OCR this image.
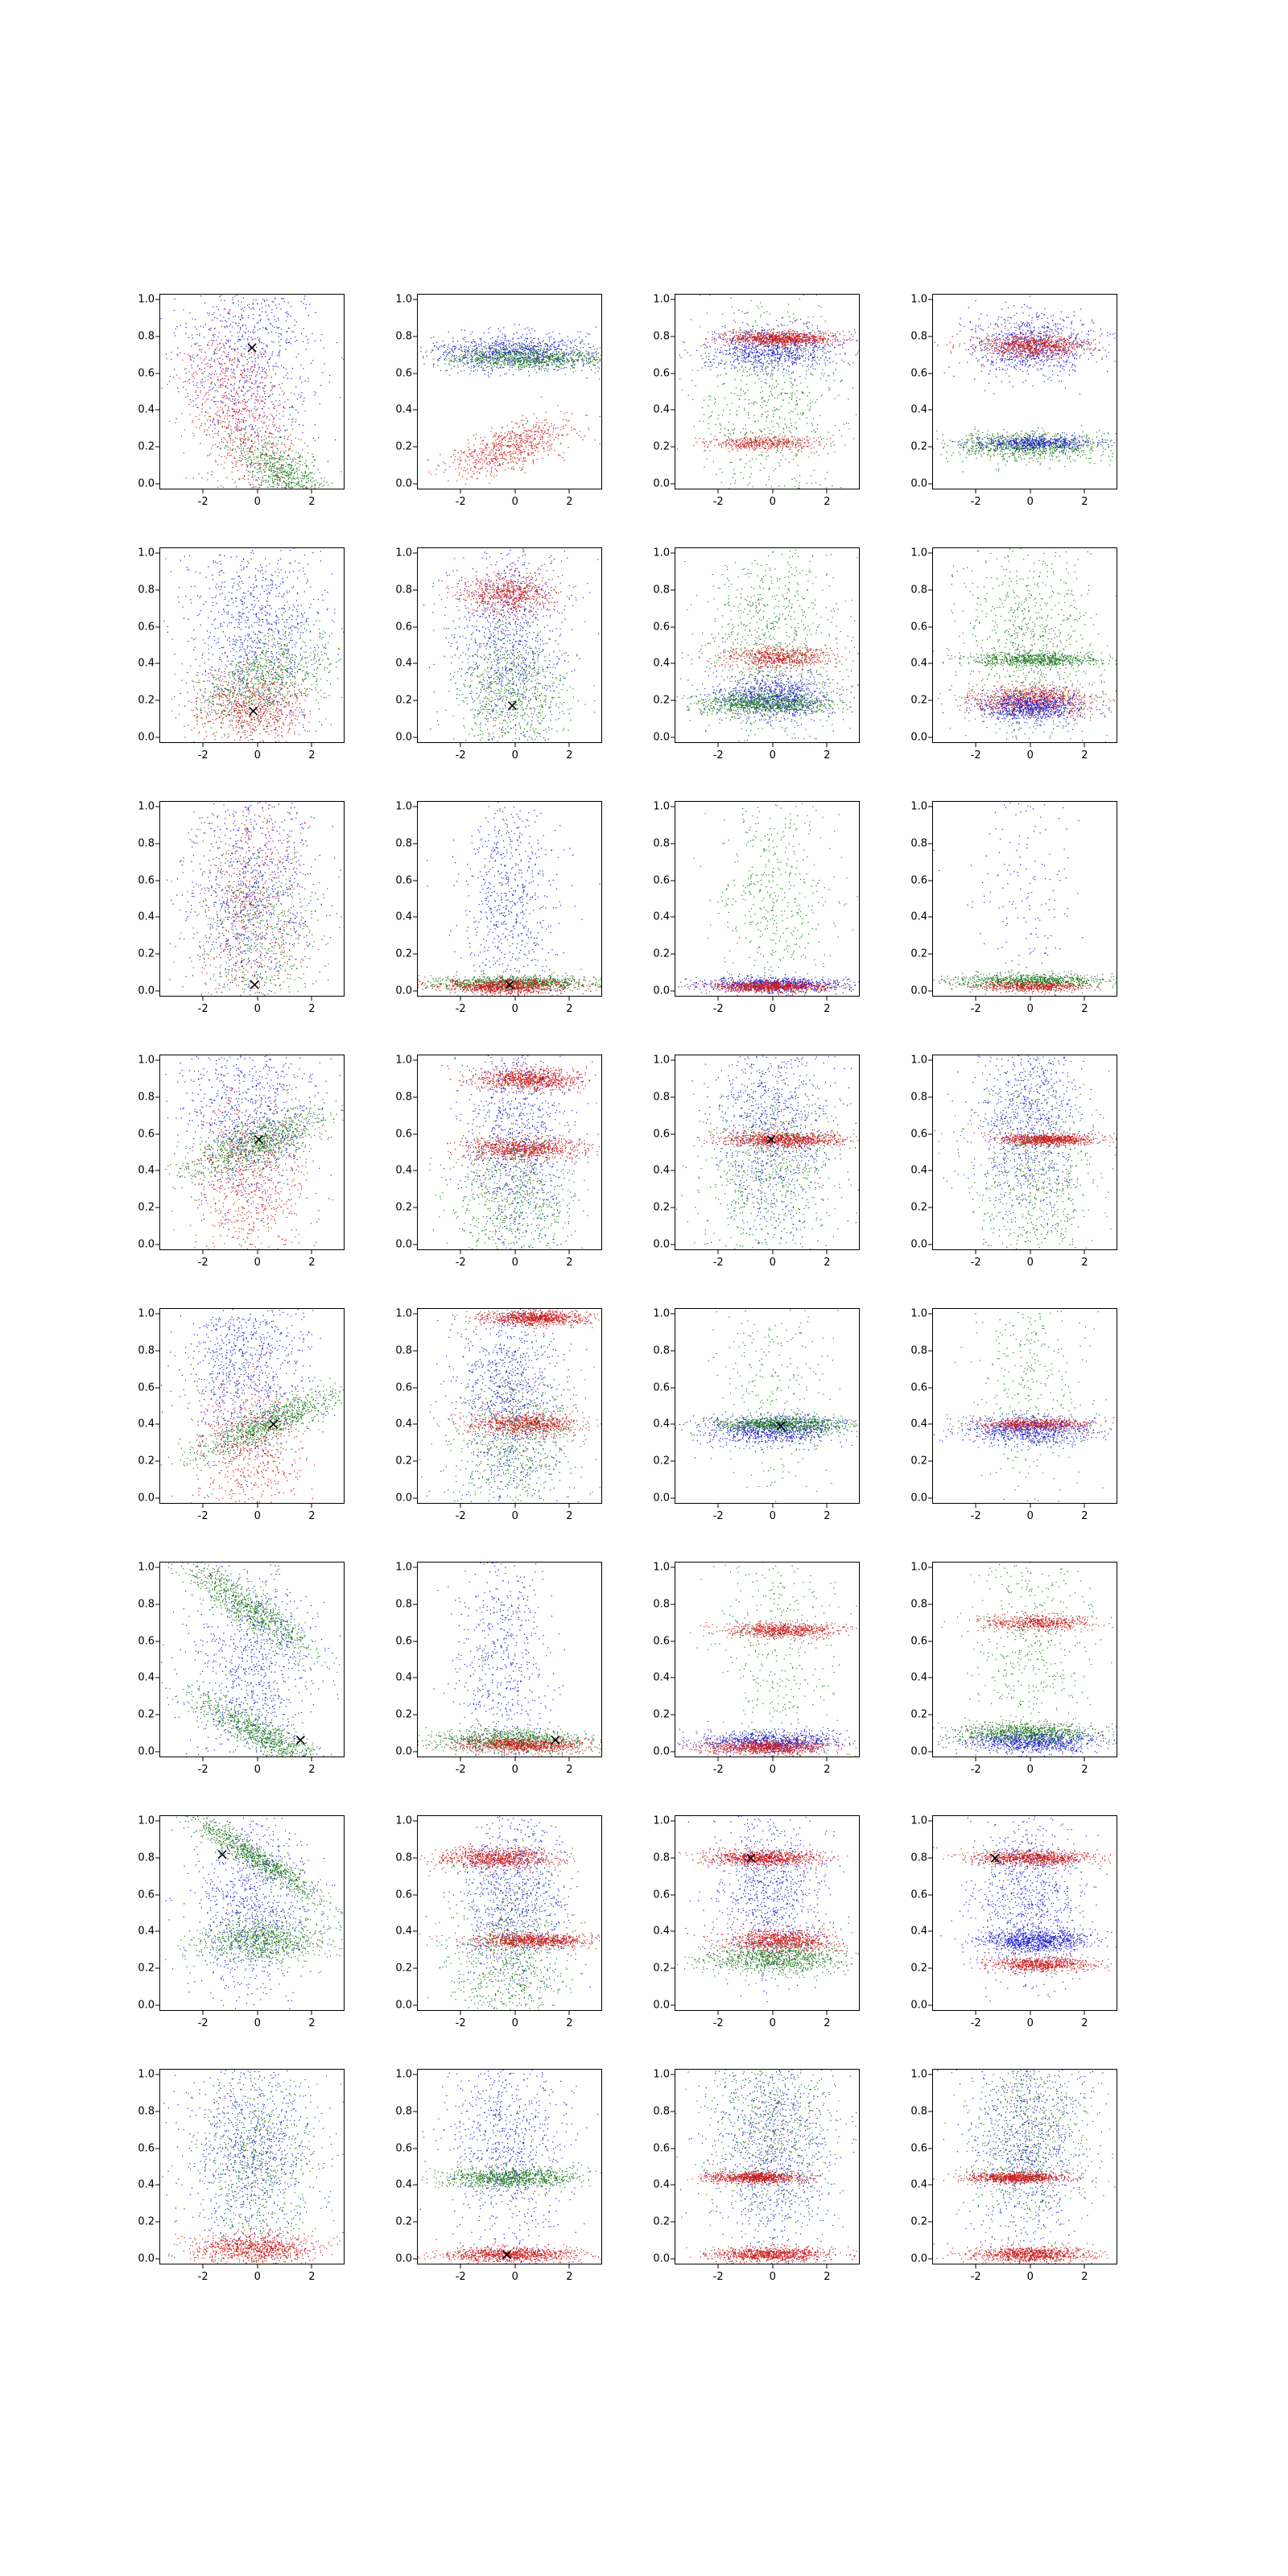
0.0
0.2
0.4
0.6
0.8
1.0
-2	0	2
0.0
0.2
0.4
0.6
0.8
1.0
-2	0	2
0.0
0.2
0.4
0.6
0.8
1.0
-2	0	2
0.0
0.2
0.4
0.6
0.8
1.0
-2	0	2
0.0
0.2
0.4
0.6
0.8
1.0
-2	0	2
0.0
0.2
0.4
0.6
0.8
1.0
-2	0	2
0.0
0.2
0.4
0.6
0.8
1.0
-2	0	2
0.0
0.2
0.4
0.6
0.8
1.0
-2	0	2
0.0
0.2
0.4
0.6
0.8
1.0
-2	0	2
0.0
0.2
0.4
0.6
0.8
1.0
-2	0	2
0.0
0.2
0.4
0.6
0.8
1.0
-2	0	2
0.0
0.2
0.4
0.6
0.8
1.0
-2	0	2
0.0
0.2
0.4
0.6
0.8
1.0
-2	0	2
0.0
0.2
0.4
0.6
0.8
1.0
-2	0	2
0.0
0.2
0.4
0.6
0.8
1.0
-2	0	2
0.0
0.2
0.4
0.6
0.8
1.0
-2	0	2
0.0
0.2
0.4
0.6
0.8
1.0
-2	0	2
0.0
0.2
0.4
0.6
0.8
1.0
-2	0	2
0.0
0.2
0.4
0.6
0.8
1.0
-2	0	2
0.0
0.2
0.4
0.6
0.8
1.0
-2	0	2
0.0
0.2
0.4
0.6
0.8
1.0
-2	0	2
0.0
0.2
0.4
0.6
0.8
1.0
-2	0	2
0.0
0.2
0.4
0.6
0.8
1.0
-2	0	2
0.0
0.2
0.4
0.6
0.8
1.0
-2	0	2
0.0
0.2
0.4
0.6
0.8
1.0
-2	0	2
0.0
0.2
0.4
0.6
0.8
1.0
-2	0	2
0.0
0.2
0.4
0.6
0.8
1.0
-2	0	2
0.0
0.2
0.4
0.6
0.8
1.0
-2	0	2
0.0
0.2
0.4
0.6
0.8
1.0
-2	0	2
0.0
0.2
0.4
0.6
0.8
1.0
-2	0	2
0.0
0.2
0.4
0.6
0.8
1.0
-2	0	2
0.0
0.2
0.4
0.6
0.8
1.0
-2	0	2
